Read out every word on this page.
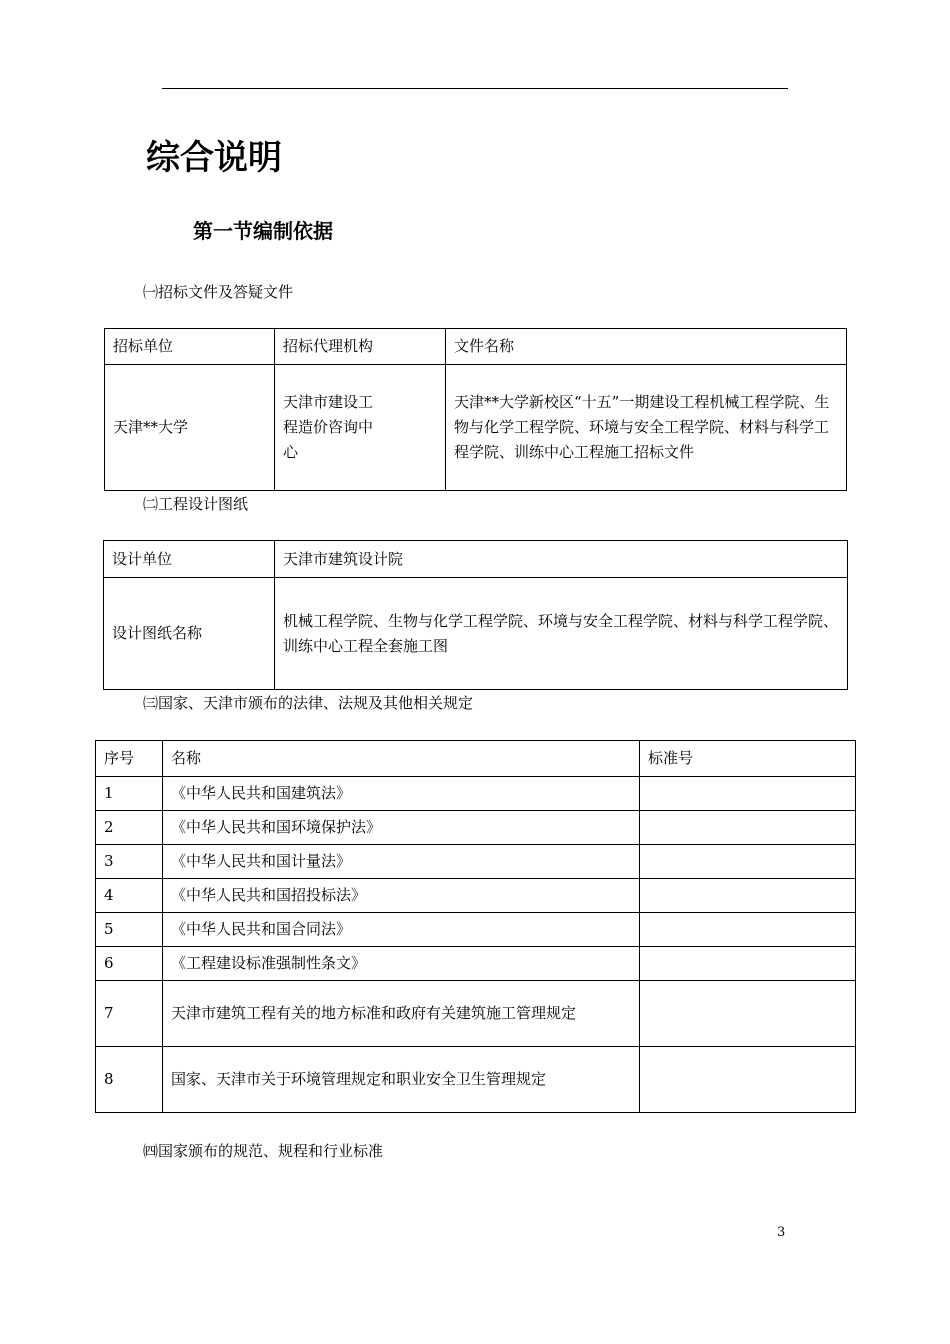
综合说明
第一节编制依据
㈠招标文件及答疑文件
招标单位	招标代理机构	文件名称
天津**大学	天津市建设工程造价咨询中心	天津**大学新校区“十五”一期建设工程机械工程学院、生物与化学工程学院、环境与安全工程学院、材料与科学工程学院、训练中心工程施工招标文件
㈡工程设计图纸
设计单位	天津市建筑设计院
设计图纸名称	机械工程学院、生物与化学工程学院、环境与安全工程学院、材料与科学工程学院、训练中心工程全套施工图
㈢国家、天津市颁布的法律、法规及其他相关规定
序号	名称	标准号
1	《中华人民共和国建筑法》	
2	《中华人民共和国环境保护法》	
3	《中华人民共和国计量法》	
4	《中华人民共和国招投标法》	
5	《中华人民共和国合同法》	
6	《工程建设标准强制性条文》	
7	天津市建筑工程有关的地方标准和政府有关建筑施工管理规定	
8	国家、天津市关于环境管理规定和职业安全卫生管理规定	
㈣国家颁布的规范、规程和行业标准
3
